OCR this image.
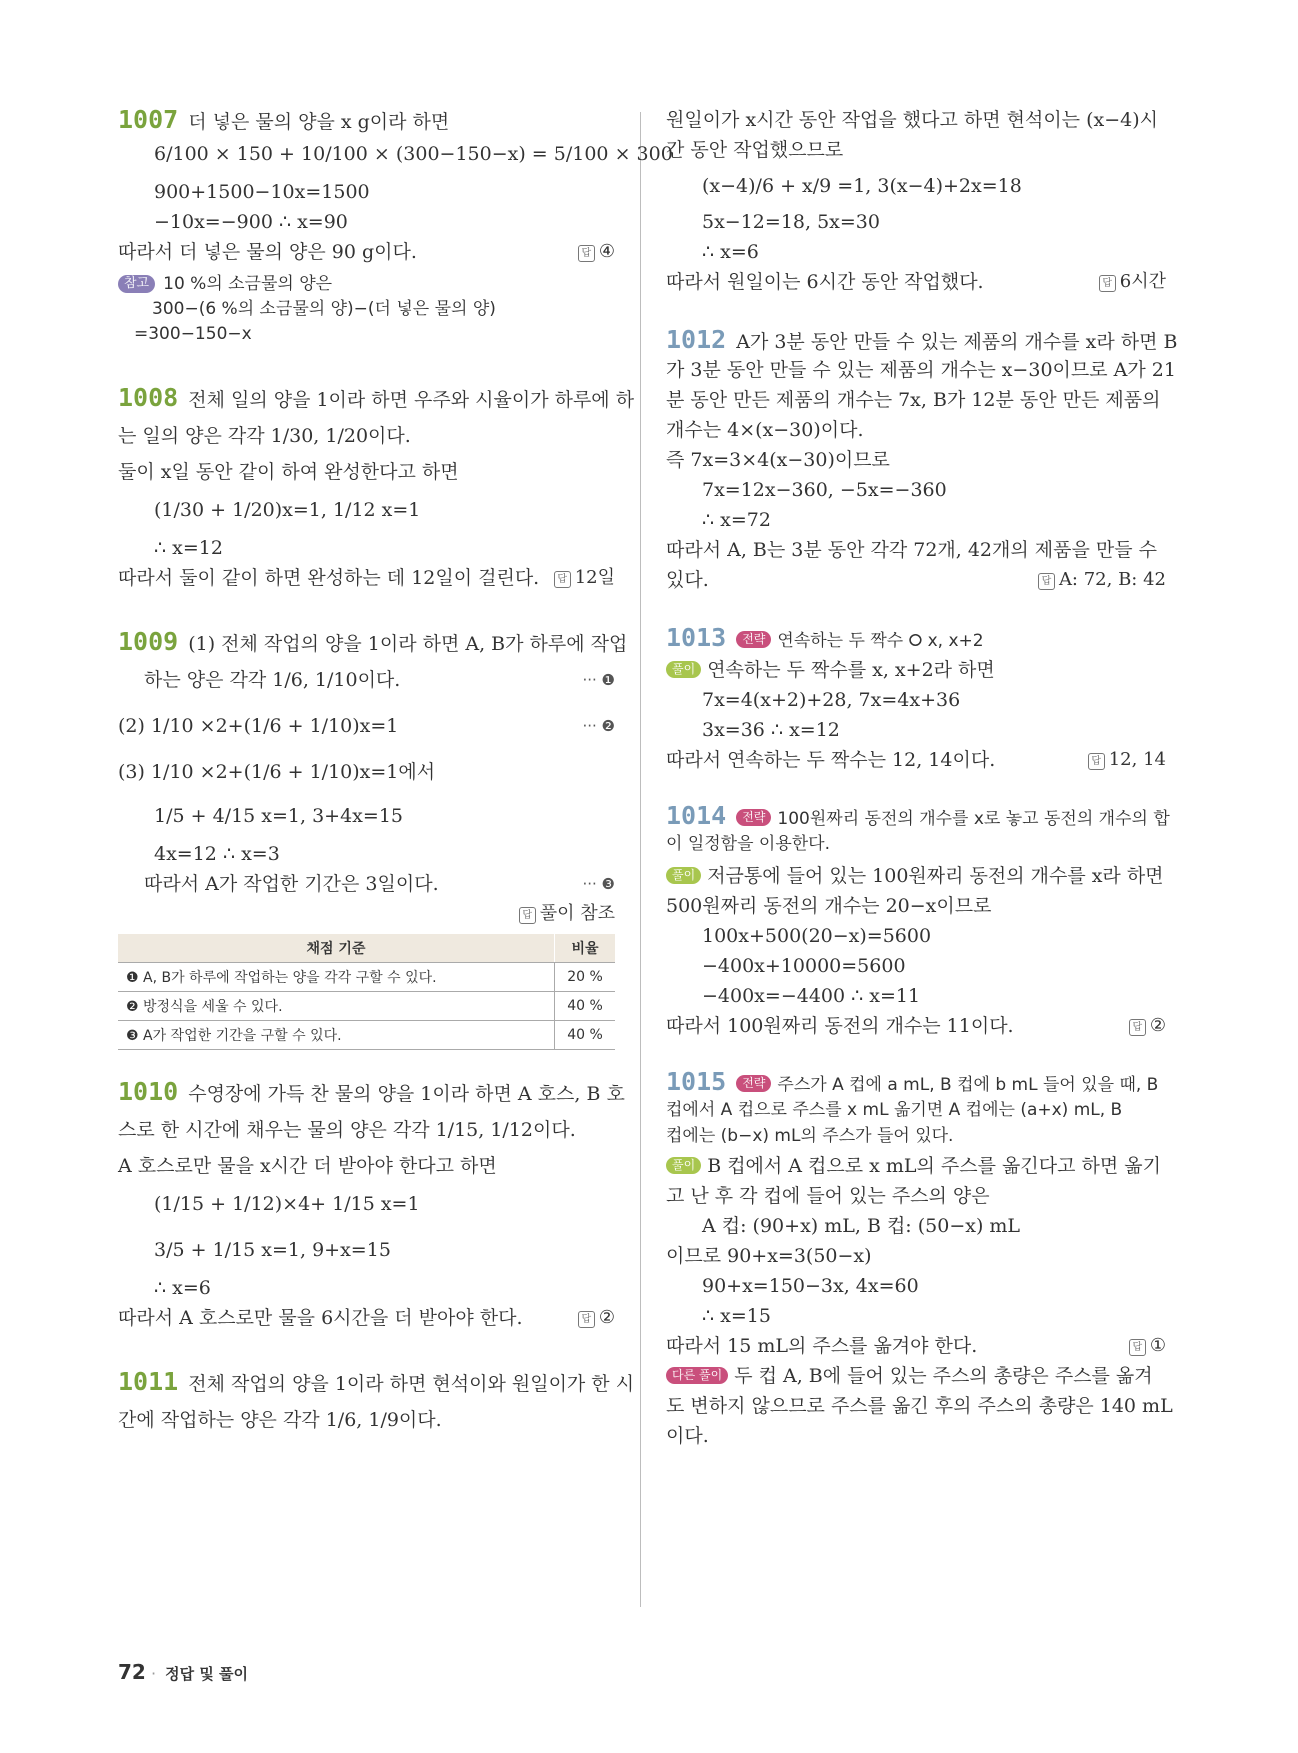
1007 더 넣은 물의 양을 x g이라 하면
6/100 × 150 + 10/100 × (300−150−x) = 5/100 × 300
900+1500−10x=1500
−10x=−900 ∴ x=90
따라서 더 넣은 물의 양은 90 g이다.	답 ④
참고 10 %의 소금물의 양은
300−(6 %의 소금물의 양)−(더 넣은 물의 양)
=300−150−x
1008 전체 일의 양을 1이라 하면 우주와 시율이가 하루에 하
는 일의 양은 각각 1/30, 1/20이다.
둘이 x일 동안 같이 하여 완성한다고 하면
(1/30 + 1/20)x=1, 1/12 x=1
∴ x=12
따라서 둘이 같이 하면 완성하는 데 12일이 걸린다.	답 12일
1009 (1) 전체 작업의 양을 1이라 하면 A, B가 하루에 작업
하는 양은 각각 1/6, 1/10이다.	··· ❶
(2) 1/10 ×2+(1/6 + 1/10)x=1	··· ❷
(3) 1/10 ×2+(1/6 + 1/10)x=1에서
1/5 + 4/15 x=1, 3+4x=15
4x=12 ∴ x=3
따라서 A가 작업한 기간은 3일이다.	··· ❸
답 풀이 참조
채점 기준	비율
❶ A, B가 하루에 작업하는 양을 각각 구할 수 있다.	20 %
❷ 방정식을 세울 수 있다.	40 %
❸ A가 작업한 기간을 구할 수 있다.	40 %
1010 수영장에 가득 찬 물의 양을 1이라 하면 A 호스, B 호
스로 한 시간에 채우는 물의 양은 각각 1/15, 1/12이다.
A 호스로만 물을 x시간 더 받아야 한다고 하면
(1/15 + 1/12)×4+ 1/15 x=1
3/5 + 1/15 x=1, 9+x=15
∴ x=6
따라서 A 호스로만 물을 6시간을 더 받아야 한다.	답 ②
1011 전체 작업의 양을 1이라 하면 현석이와 원일이가 한 시
간에 작업하는 양은 각각 1/6, 1/9이다.
원일이가 x시간 동안 작업을 했다고 하면 현석이는 (x−4)시
간 동안 작업했으므로
(x−4)/6 + x/9 =1, 3(x−4)+2x=18
5x−12=18, 5x=30
∴ x=6
따라서 원일이는 6시간 동안 작업했다.	답 6시간
1012 A가 3분 동안 만들 수 있는 제품의 개수를 x라 하면 B
가 3분 동안 만들 수 있는 제품의 개수는 x−30이므로 A가 21
분 동안 만든 제품의 개수는 7x, B가 12분 동안 만든 제품의
개수는 4×(x−30)이다.
즉 7x=3×4(x−30)이므로
7x=12x−360, −5x=−360
∴ x=72
따라서 A, B는 3분 동안 각각 72개, 42개의 제품을 만들 수
있다.	답 A: 72, B: 42
1013 전략 연속하는 두 짝수 ⭘ x, x+2
풀이 연속하는 두 짝수를 x, x+2라 하면
7x=4(x+2)+28, 7x=4x+36
3x=36 ∴ x=12
따라서 연속하는 두 짝수는 12, 14이다.	답 12, 14
1014 전략 100원짜리 동전의 개수를 x로 놓고 동전의 개수의 합
이 일정함을 이용한다.
풀이 저금통에 들어 있는 100원짜리 동전의 개수를 x라 하면
500원짜리 동전의 개수는 20−x이므로
100x+500(20−x)=5600
−400x+10000=5600
−400x=−4400 ∴ x=11
따라서 100원짜리 동전의 개수는 11이다.	답 ②
1015 전략 주스가 A 컵에 a mL, B 컵에 b mL 들어 있을 때, B
컵에서 A 컵으로 주스를 x mL 옮기면 A 컵에는 (a+x) mL, B
컵에는 (b−x) mL의 주스가 들어 있다.
풀이 B 컵에서 A 컵으로 x mL의 주스를 옮긴다고 하면 옮기
고 난 후 각 컵에 들어 있는 주스의 양은
A 컵: (90+x) mL, B 컵: (50−x) mL
이므로 90+x=3(50−x)
90+x=150−3x, 4x=60
∴ x=15
따라서 15 mL의 주스를 옮겨야 한다.	답 ①
다른 풀이 두 컵 A, B에 들어 있는 주스의 총량은 주스를 옮겨
도 변하지 않으므로 주스를 옮긴 후의 주스의 총량은 140 mL
이다.
72 · 정답 및 풀이
